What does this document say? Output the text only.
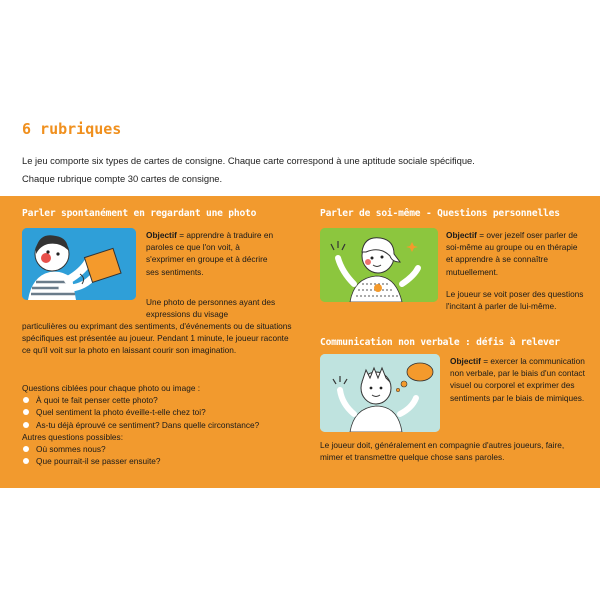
6 rubriques

Le jeu comporte six types de cartes de consigne. Chaque carte correspond à une aptitude sociale spécifique.

Chaque rubrique compte 30 cartes de consigne.

Parler spontanément en regardant une photo
Objectif = apprendre à traduire en paroles ce que l'on voit, à s'exprimer en groupe et à décrire ses sentiments.
Une photo de personnes ayant des expressions du visage
particulières ou exprimant des sentiments, d'événements ou de situations spécifiques est présentée au joueur. Pendant 1 minute, le joueur raconte ce qu'il voit sur la photo en laissant courir son imagination.
Questions ciblées pour chaque photo ou image :
À quoi te fait penser cette photo?
Quel sentiment la photo éveille-t-elle chez toi?
As-tu déjà éprouvé ce sentiment? Dans quelle circonstance?
Autres questions possibles:
Où sommes nous?
Que pourrait-il se passer ensuite?
Parler de soi-même - Questions personnelles
Objectif = over jezelf oser parler de soi-même au groupe ou en thérapie et apprendre à se connaître mutuellement.
Le joueur se voit poser des questions l'incitant à parler de lui-même.
Communication non verbale : défis à relever
Objectif = exercer la communication non verbale, par le biais d'un contact visuel ou corporel et exprimer des sentiments par le biais de mimiques.
Le joueur doit, généralement en compagnie d'autres joueurs, faire, mimer et transmettre quelque chose sans paroles.
